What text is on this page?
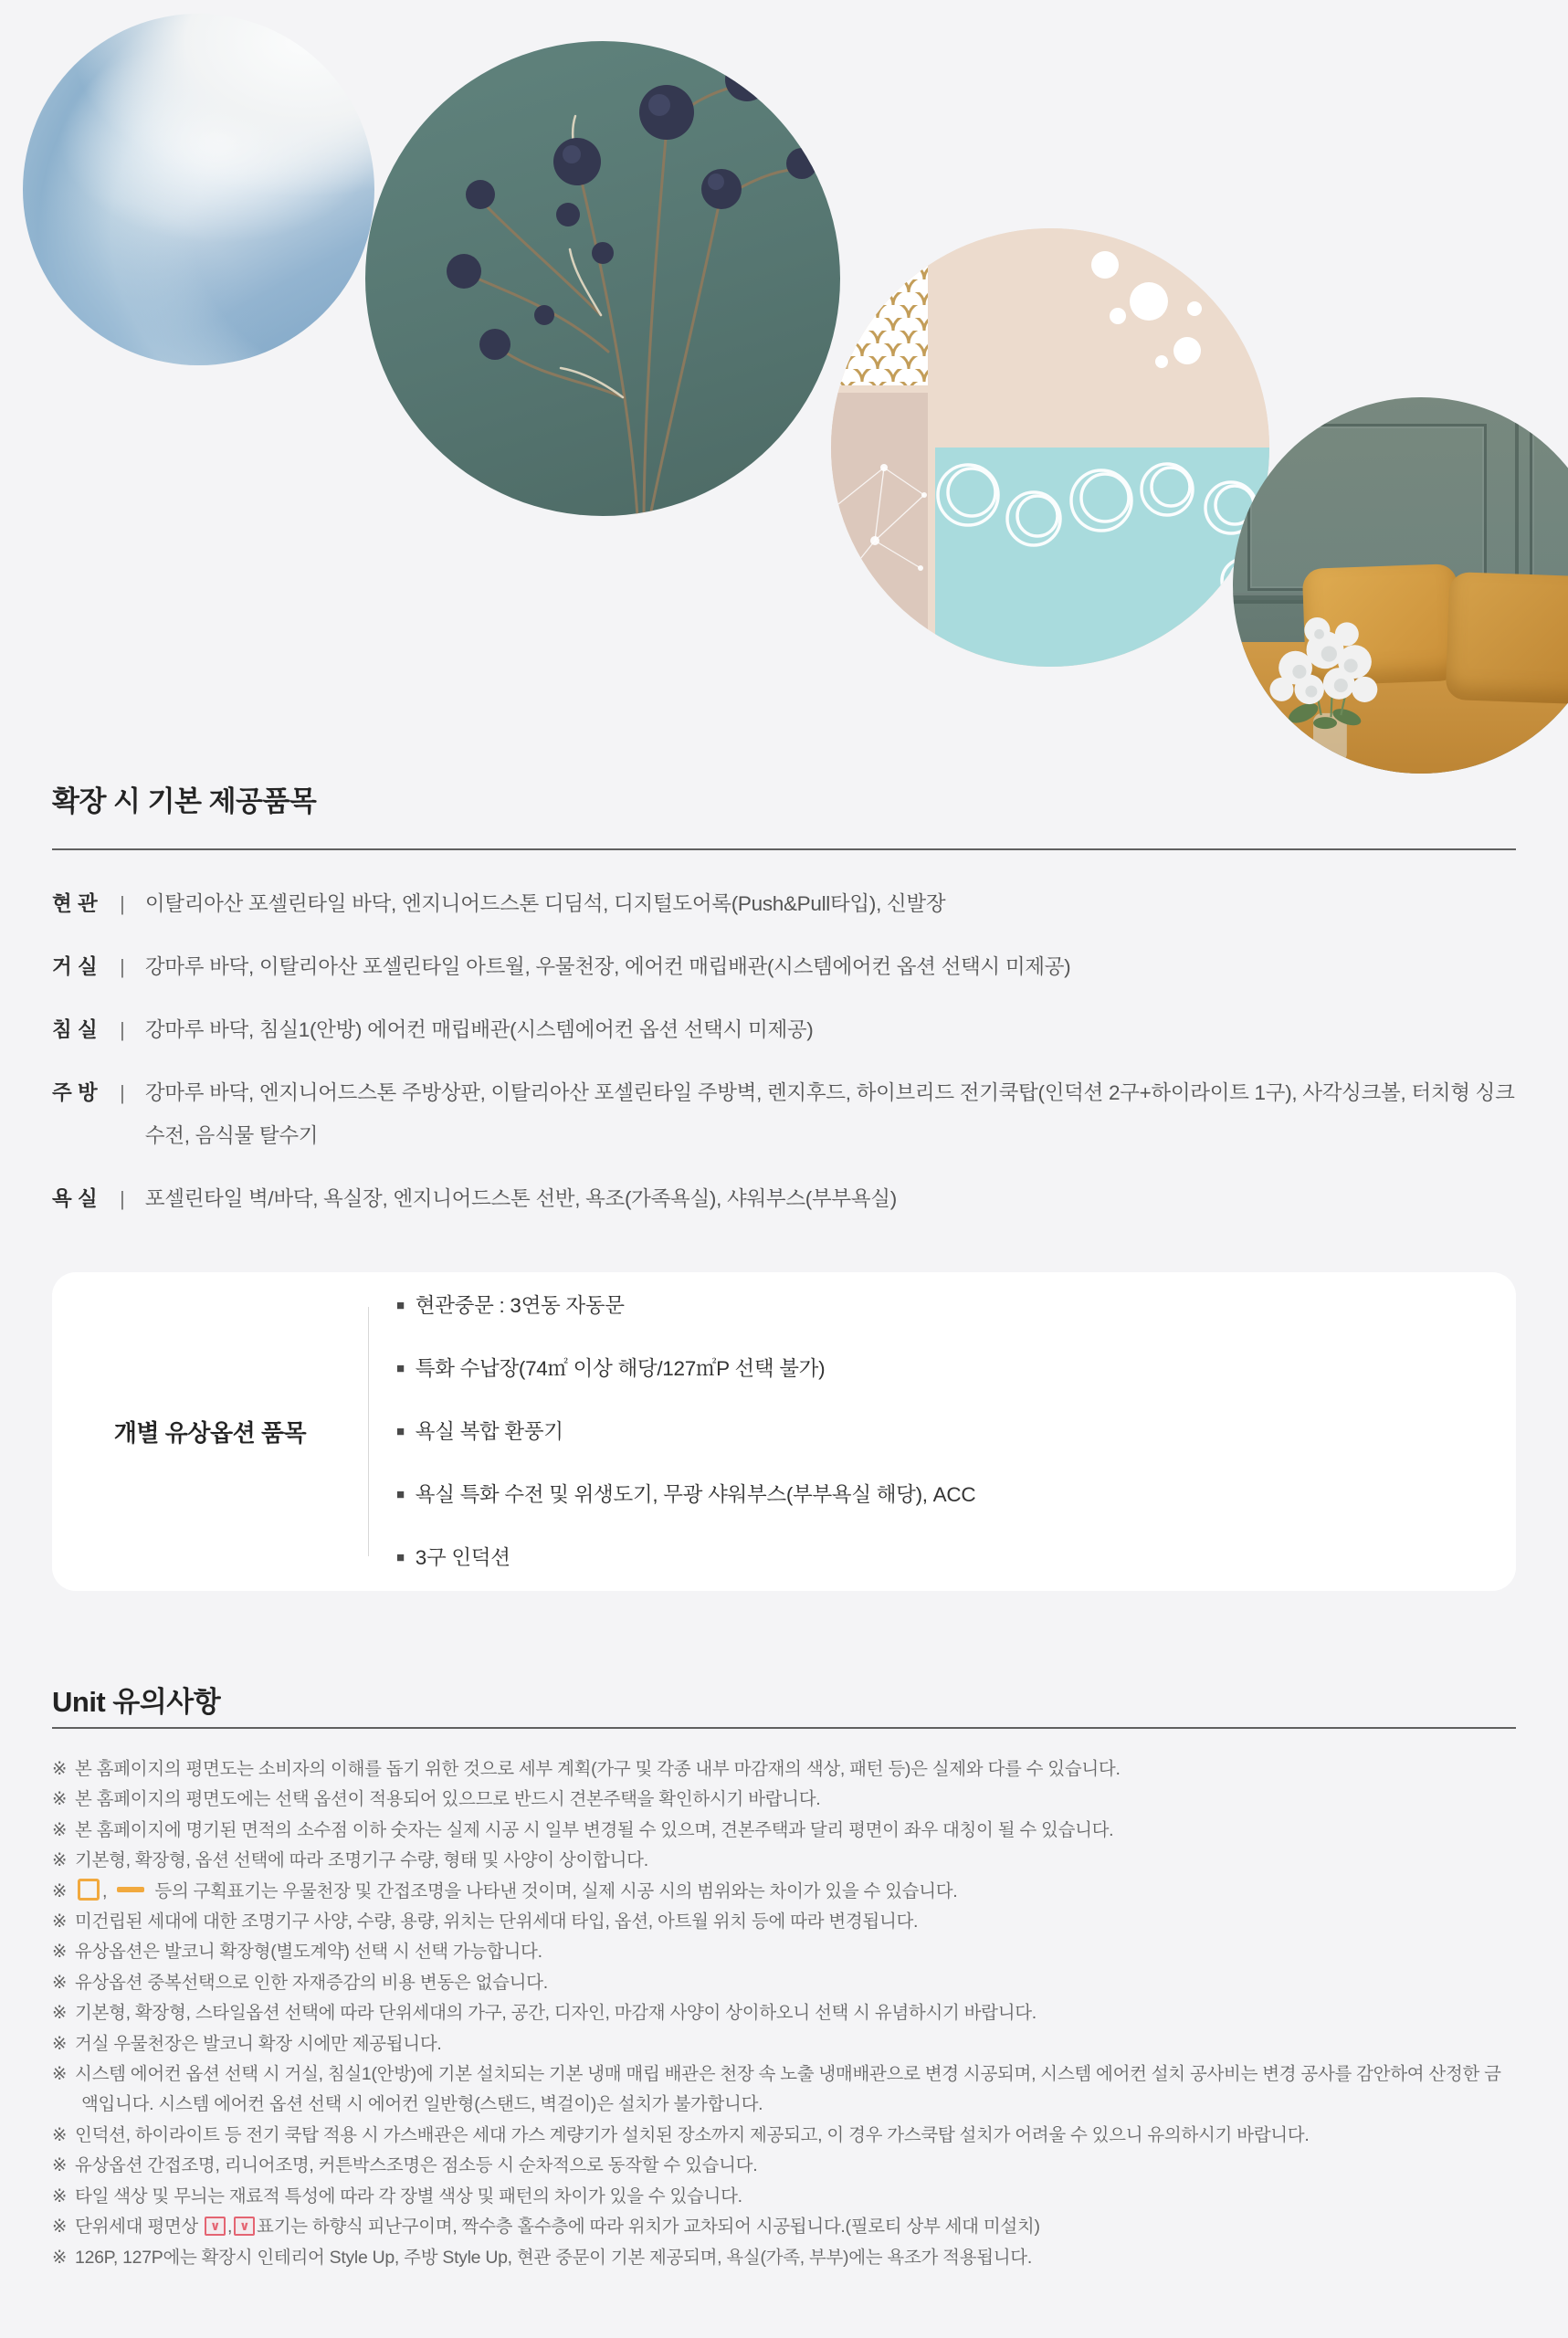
확장 시 기본 제공품목
현 관	| 이탈리아산 포셀린타일 바닥, 엔지니어드스톤 디딤석, 디지털도어록(Push&Pull타입), 신발장
거 실	| 강마루 바닥, 이탈리아산 포셀린타일 아트월, 우물천장, 에어컨 매립배관(시스템에어컨 옵션 선택시 미제공)
침 실	| 강마루 바닥, 침실1(안방) 에어컨 매립배관(시스템에어컨 옵션 선택시 미제공)
주 방	| 강마루 바닥, 엔지니어드스톤 주방상판, 이탈리아산 포셀린타일 주방벽, 렌지후드, 하이브리드 전기쿡탑(인덕션 2구+하이라이트 1구), 사각싱크볼, 터치형 싱크수전, 음식물 탈수기
욕 실	| 포셀린타일 벽/바닥, 욕실장, 엔지니어드스톤 선반, 욕조(가족욕실), 샤워부스(부부욕실)
개별 유상옵션 품목
■ 현관중문 : 3연동 자동문
■ 특화 수납장(74㎡ 이상 해당/127㎡P 선택 불가)
■ 욕실 복합 환풍기
■ 욕실 특화 수전 및 위생도기, 무광 샤워부스(부부욕실 해당), ACC
■ 3구 인덕션
Unit 유의사항
※ 본 홈페이지의 평면도는 소비자의 이해를 돕기 위한 것으로 세부 계획(가구 및 각종 내부 마감재의 색상, 패턴 등)은 실제와 다를 수 있습니다.
※ 본 홈페이지의 평면도에는 선택 옵션이 적용되어 있으므로 반드시 견본주택을 확인하시기 바랍니다.
※ 본 홈페이지에 명기된 면적의 소수점 이하 숫자는 실제 시공 시 일부 변경될 수 있으며, 견본주택과 달리 평면이 좌우 대칭이 될 수 있습니다.
※ 기본형, 확장형, 옵션 선택에 따라 조명기구 수량, 형태 및 사양이 상이합니다.
※ ,  등의 구획표기는 우물천장 및 간접조명을 나타낸 것이며, 실제 시공 시의 범위와는 차이가 있을 수 있습니다.
※ 미건립된 세대에 대한 조명기구 사양, 수량, 용량, 위치는 단위세대 타입, 옵션, 아트월 위치 등에 따라 변경됩니다.
※ 유상옵션은 발코니 확장형(별도계약) 선택 시 선택 가능합니다.
※ 유상옵션 중복선택으로 인한 자재증감의 비용 변동은 없습니다.
※ 기본형, 확장형, 스타일옵션 선택에 따라 단위세대의 가구, 공간, 디자인, 마감재 사양이 상이하오니 선택 시 유념하시기 바랍니다.
※ 거실 우물천장은 발코니 확장 시에만 제공됩니다.
※ 시스템 에어컨 옵션 선택 시 거실, 침실1(안방)에 기본 설치되는 기본 냉매 매립 배관은 천장 속 노출 냉매배관으로 변경 시공되며, 시스템 에어컨 설치 공사비는 변경 공사를 감안하여 산정한 금액입니다. 시스템 에어컨 옵션 선택 시 에어컨 일반형(스탠드, 벽걸이)은 설치가 불가합니다.
※ 인덕션, 하이라이트 등 전기 쿡탑 적용 시 가스배관은 세대 가스 계량기가 설치된 장소까지 제공되고, 이 경우 가스쿡탑 설치가 어려울 수 있으니 유의하시기 바랍니다.
※ 유상옵션 간접조명, 리니어조명, 커튼박스조명은 점소등 시 순차적으로 동작할 수 있습니다.
※ 타일 색상 및 무늬는 재료적 특성에 따라 각 장별 색상 및 패턴의 차이가 있을 수 있습니다.
※ 단위세대 평면상 ∨ , ∨ 표기는 하향식 피난구이며, 짝수층 홀수층에 따라 위치가 교차되어 시공됩니다.(필로티 상부 세대 미설치)
※ 126P, 127P에는 확장시 인테리어 Style Up, 주방 Style Up, 현관 중문이 기본 제공되며, 욕실(가족, 부부)에는 욕조가 적용됩니다.
